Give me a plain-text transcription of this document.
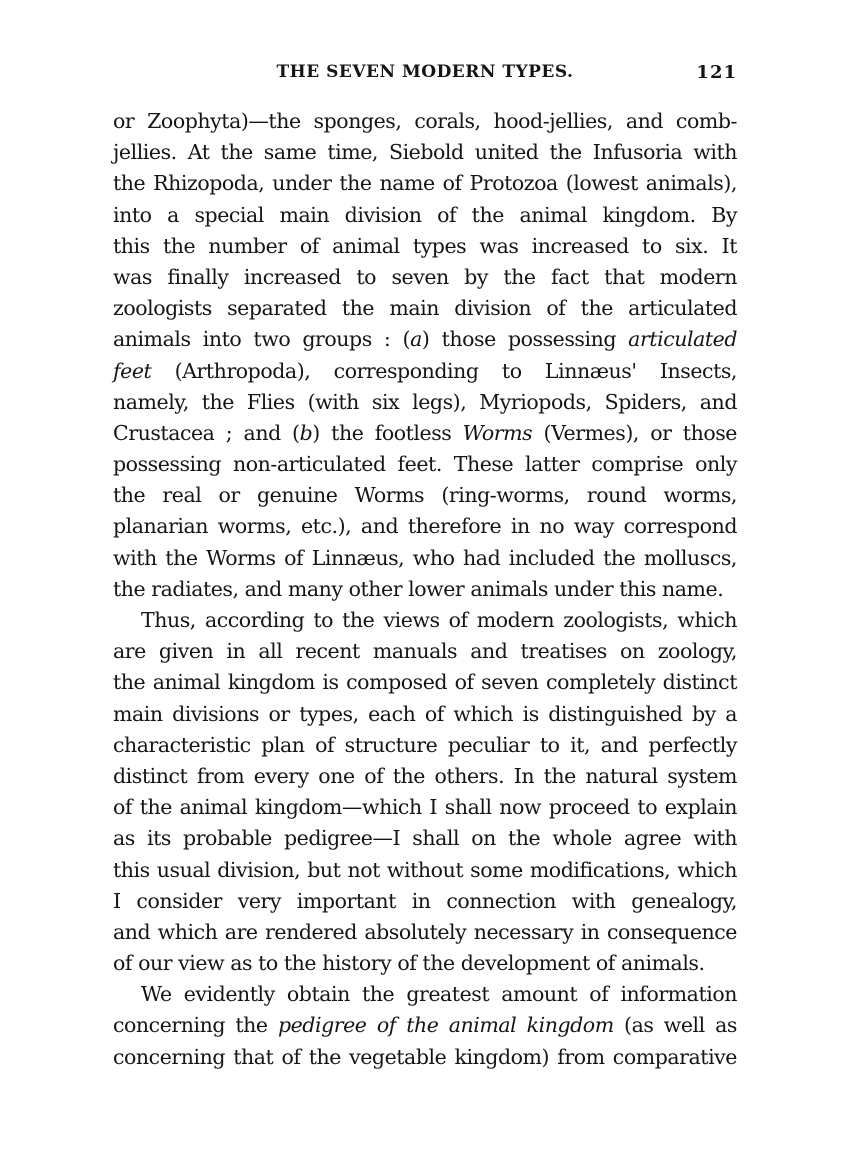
THE SEVEN MODERN TYPES.	121
or Zoophyta)—the sponges, corals, hood-jellies, and comb-
jellies. At the same time, Siebold united the Infusoria with
the Rhizopoda, under the name of Protozoa (lowest animals),
into a special main division of the animal kingdom. By
this the number of animal types was increased to six. It
was finally increased to seven by the fact that modern
zoologists separated the main division of the articulated
animals into two groups : (a) those possessing articulated
feet (Arthropoda), corresponding to Linnæus' Insects,
namely, the Flies (with six legs), Myriopods, Spiders, and
Crustacea ; and (b) the footless Worms (Vermes), or those
possessing non-articulated feet. These latter comprise only
the real or genuine Worms (ring-worms, round worms,
planarian worms, etc.), and therefore in no way correspond
with the Worms of Linnæus, who had included the molluscs,
the radiates, and many other lower animals under this name.
Thus, according to the views of modern zoologists, which
are given in all recent manuals and treatises on zoology,
the animal kingdom is composed of seven completely distinct
main divisions or types, each of which is distinguished by a
characteristic plan of structure peculiar to it, and perfectly
distinct from every one of the others. In the natural system
of the animal kingdom—which I shall now proceed to explain
as its probable pedigree—I shall on the whole agree with
this usual division, but not without some modifications, which
I consider very important in connection with genealogy,
and which are rendered absolutely necessary in consequence
of our view as to the history of the development of animals.
We evidently obtain the greatest amount of information
concerning the pedigree of the animal kingdom (as well as
concerning that of the vegetable kingdom) from comparative
